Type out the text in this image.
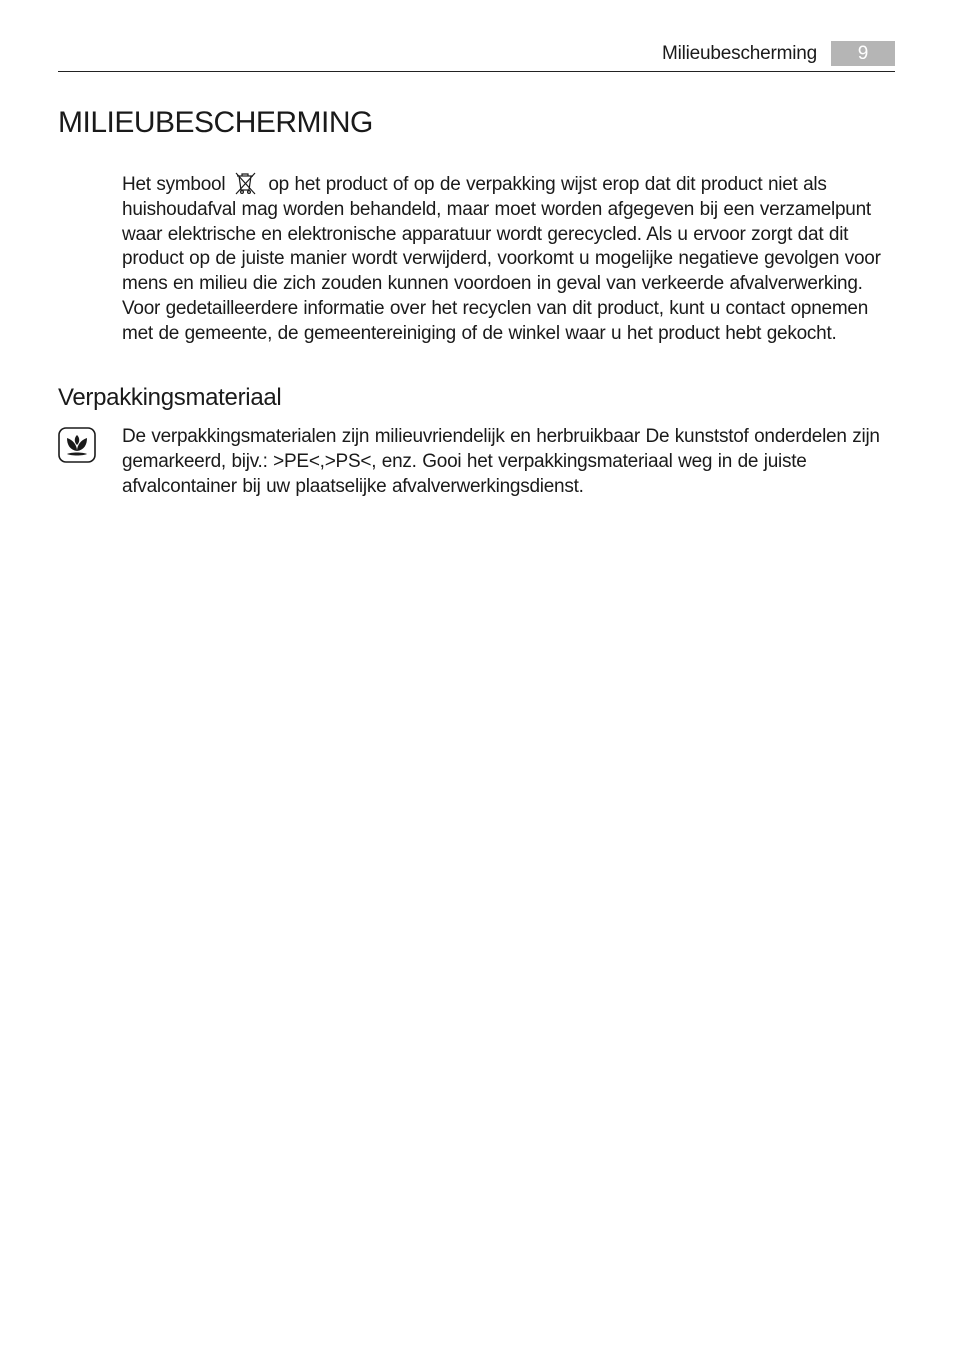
Milieubescherming	9
MILIEUBESCHERMING

Het symbool op het product of op de verpakking wijst erop dat dit product niet als huishoudafval mag worden behandeld, maar moet worden afgegeven bij een verzamelpunt waar elektrische en elektronische apparatuur wordt gerecycled. Als u ervoor zorgt dat dit product op de juiste manier wordt verwijderd, voorkomt u mogelijke negatieve gevolgen voor mens en milieu die zich zouden kunnen voordoen in geval van verkeerde afvalverwerking. Voor gedetailleerdere informatie over het recyclen van dit product, kunt u contact opnemen met de gemeente, de gemeentereiniging of de winkel waar u het product hebt gekocht.

Verpakkingsmateriaal

De verpakkingsmaterialen zijn milieuvriendelijk en herbruikbaar De kunststof onderdelen zijn gemarkeerd, bijv.: >PE<,>PS<, enz. Gooi het verpakkingsmateriaal weg in de juiste afvalcontainer bij uw plaatselijke afvalverwerkingsdienst.
